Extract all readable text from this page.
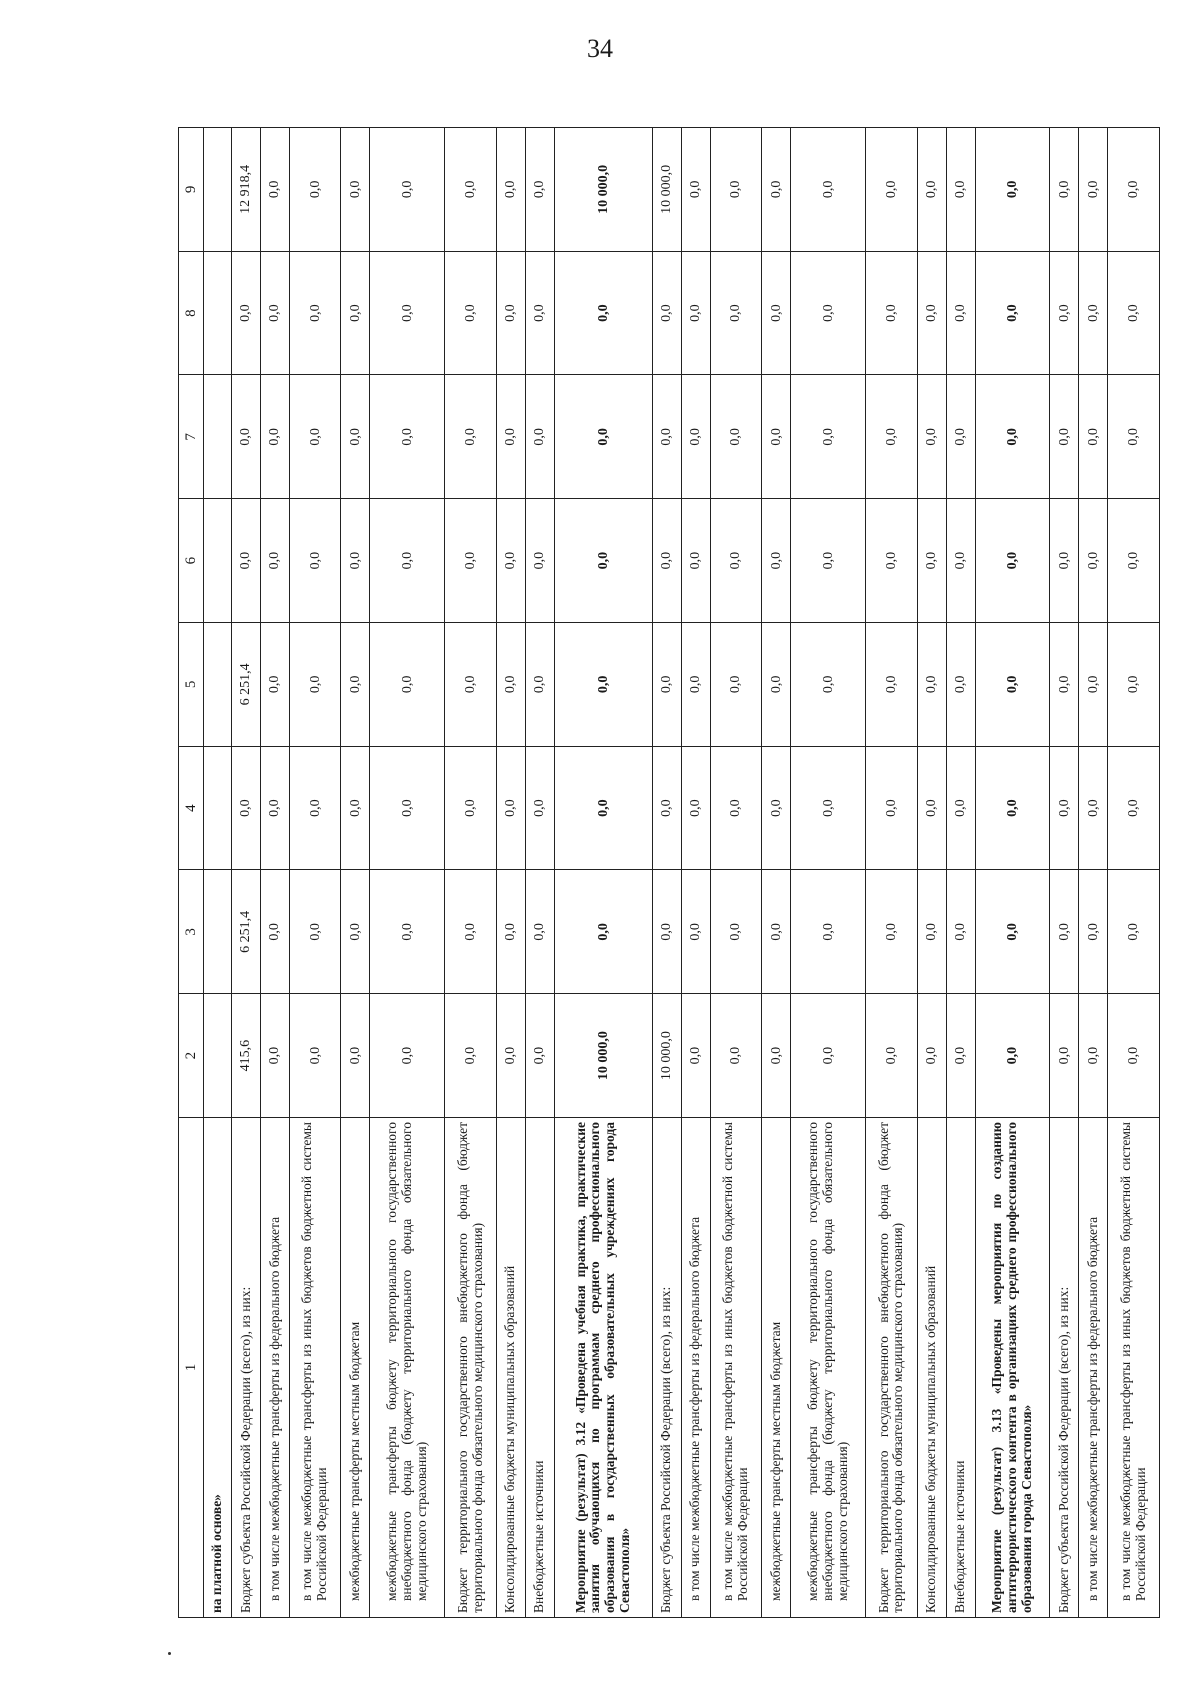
34
1	2	3	4	5	6	7	8	9
на платной основе»								
Бюджет субъекта Российской Федерации (всего), из них:	415,6	6 251,4	0,0	6 251,4	0,0	0,0	0,0	12 918,4
в том числе межбюджетные трансферты из федерального бюджета	0,0	0,0	0,0	0,0	0,0	0,0	0,0	0,0
в том числе межбюджетные трансферты из иных бюджетов бюджетной системы Российской Федерации	0,0	0,0	0,0	0,0	0,0	0,0	0,0	0,0
межбюджетные трансферты местным бюджетам	0,0	0,0	0,0	0,0	0,0	0,0	0,0	0,0
межбюджетные трансферты бюджету территориального государственного внебюджетного фонда (бюджету территориального фонда обязательного медицинского страхования)	0,0	0,0	0,0	0,0	0,0	0,0	0,0	0,0
Бюджет территориального государственного внебюджетного фонда (бюджет территориального фонда обязательного медицинского страхования)	0,0	0,0	0,0	0,0	0,0	0,0	0,0	0,0
Консолидированные бюджеты муниципальных образований	0,0	0,0	0,0	0,0	0,0	0,0	0,0	0,0
Внебюджетные источники	0,0	0,0	0,0	0,0	0,0	0,0	0,0	0,0
Мероприятие (результат) 3.12 «Проведена учебная практика, практические занятия обучающихся по программам среднего профессионального образования в государственных образовательных учреждениях города Севастополя»	10 000,0	0,0	0,0	0,0	0,0	0,0	0,0	10 000,0
Бюджет субъекта Российской Федерации (всего), из них:	10 000,0	0,0	0,0	0,0	0,0	0,0	0,0	10 000,0
в том числе межбюджетные трансферты из федерального бюджета	0,0	0,0	0,0	0,0	0,0	0,0	0,0	0,0
в том числе межбюджетные трансферты из иных бюджетов бюджетной системы Российской Федерации	0,0	0,0	0,0	0,0	0,0	0,0	0,0	0,0
межбюджетные трансферты местным бюджетам	0,0	0,0	0,0	0,0	0,0	0,0	0,0	0,0
межбюджетные трансферты бюджету территориального государственного внебюджетного фонда (бюджету территориального фонда обязательного медицинского страхования)	0,0	0,0	0,0	0,0	0,0	0,0	0,0	0,0
Бюджет территориального государственного внебюджетного фонда (бюджет территориального фонда обязательного медицинского страхования)	0,0	0,0	0,0	0,0	0,0	0,0	0,0	0,0
Консолидированные бюджеты муниципальных образований	0,0	0,0	0,0	0,0	0,0	0,0	0,0	0,0
Внебюджетные источники	0,0	0,0	0,0	0,0	0,0	0,0	0,0	0,0
Мероприятие (результат) 3.13 «Проведены мероприятия по созданию антитеррористического контента в организациях среднего профессионального образования города Севастополя»	0,0	0,0	0,0	0,0	0,0	0,0	0,0	0,0
Бюджет субъекта Российской Федерации (всего), из них:	0,0	0,0	0,0	0,0	0,0	0,0	0,0	0,0
в том числе межбюджетные трансферты из федерального бюджета	0,0	0,0	0,0	0,0	0,0	0,0	0,0	0,0
в том числе межбюджетные трансферты из иных бюджетов бюджетной системы Российской Федерации	0,0	0,0	0,0	0,0	0,0	0,0	0,0	0,0
